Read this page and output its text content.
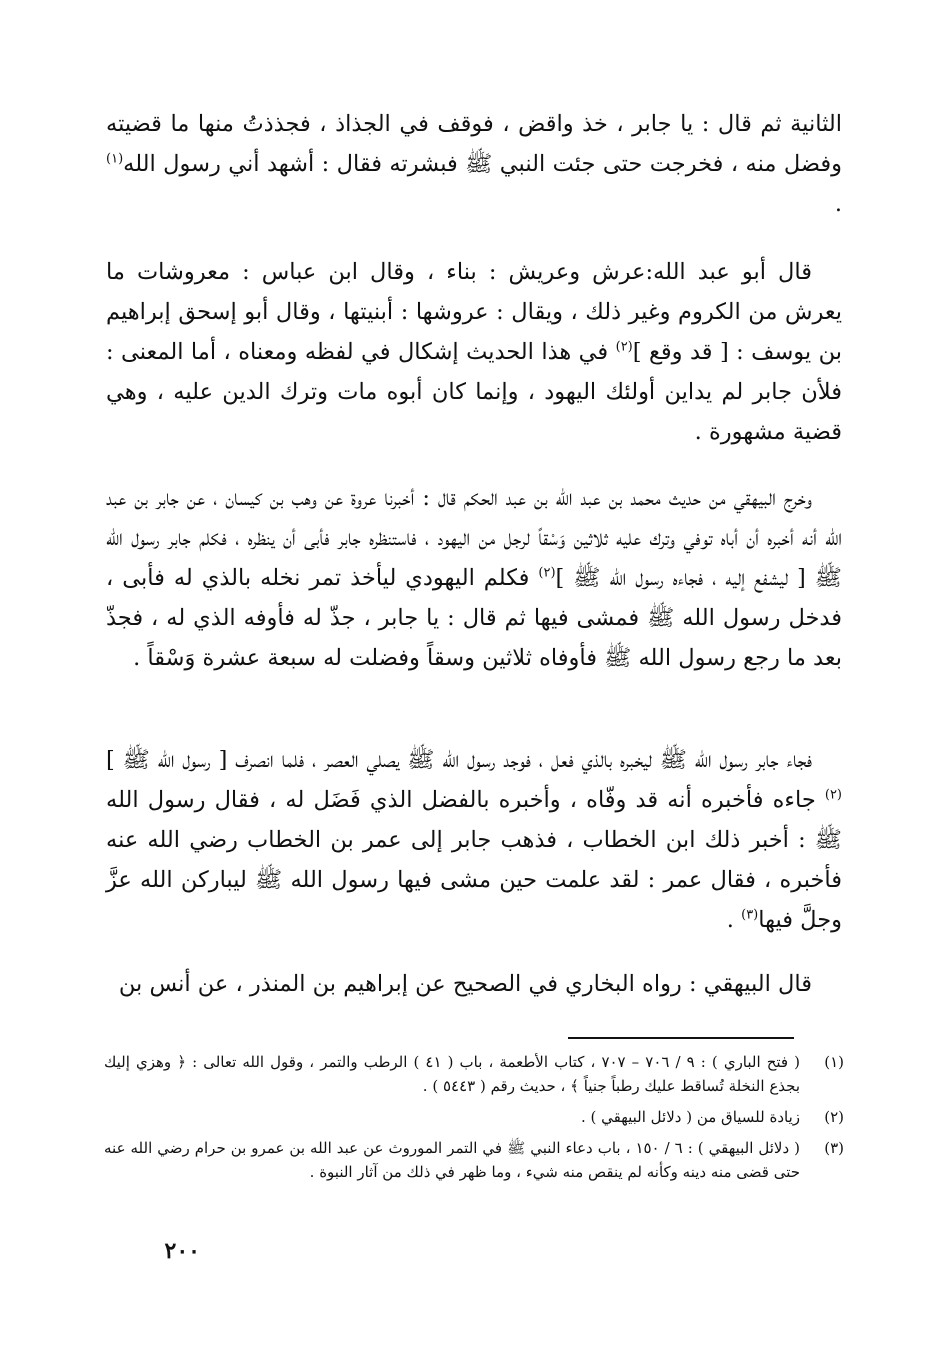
الثانية ثم قال : يا جابر ، خذ واقض ، فوقف في الجذاذ ، فجذذتُ منها ما قضيته وفضل منه ، فخرجت حتى جئت النبي ﷺ فبشرته فقال : أشهد أني رسول الله$^{(١)}$ .

قال أبو عبد الله:عرش وعريش : بناء ، وقال ابن عباس : معروشات ما يعرش من الكروم وغير ذلك ، ويقال : عروشها : أبنيتها ، وقال أبو إسحق إبراهيم بن يوسف : [ قد وقع ]$^{(٢)}$ في هذا الحديث إشكال في لفظه ومعناه ، أما المعنى : فلأن جابر لم يداين أولئك اليهود ، وإنما كان أبوه مات وترك الدين عليه ، وهي قضية مشهورة .

وخرج البيهقي من حديث محمد بن عبد الله بن عبد الحكم قال : أخبرنا عروة عن وهب بن كيسان ، عن جابر بن عبد الله أنه أخبره أن أباه توفي وترك عليه ثلاثين وَسْقاً لرجل من اليهود ، فاستنظره جابر فأبى أن ينظره ، فكلم جابر رسول الله ﷺ [ ليشفع إليه ، فجاءه رسول الله ﷺ ]$^{(٢)}$ فكلم اليهودي ليأخذ تمر نخله بالذي له فأبى ، فدخل رسول الله ﷺ فمشى فيها ثم قال : يا جابر ، جذّ له فأوفه الذي له ، فجذّ بعد ما رجع رسول الله ﷺ فأوفاه ثلاثين وسقاً وفضلت له سبعة عشرة وَسْقاً .

فجاء جابر رسول الله ﷺ ليخبره بالذي فعل ، فوجد رسول الله ﷺ يصلي العصر ، فلما انصرف [ رسول الله ﷺ ]$^{(٢)}$ جاءه فأخبره أنه قد وفّاه ، وأخبره بالفضل الذي فَضَل له ، فقال رسول الله ﷺ : أخبر ذلك ابن الخطاب ، فذهب جابر إلى عمر بن الخطاب رضي الله عنه فأخبره ، فقال عمر : لقد علمت حين مشى فيها رسول الله ﷺ ليباركن الله عزَّ وجلَّ فيها$^{(٣)}$ .

قال البيهقي : رواه البخاري في الصحيح عن إبراهيم بن المنذر ، عن أنس بن

(١)
( فتح الباري ) : ٩ / ٧٠٦ – ٧٠٧ ، كتاب الأطعمة ، باب ( ٤١ ) الرطب والتمر ، وقول الله تعالى : ﴿ وهزي إليك بجذع النخلة تُساقط عليك رطباً جنياً ﴾ ، حديث رقم ( ٥٤٤٣ ) .
(٢)
زيادة للسياق من ( دلائل البيهقي ) .
(٣)
( دلائل البيهقي ) : ٦ / ١٥٠ ، باب دعاء النبي ﷺ في التمر الموروث عن عبد الله بن عمرو بن حرام رضي الله عنه حتى قضى منه دينه وكأنه لم ينقص منه شيء ، وما ظهر في ذلك من آثار النبوة .
٢٠٠
